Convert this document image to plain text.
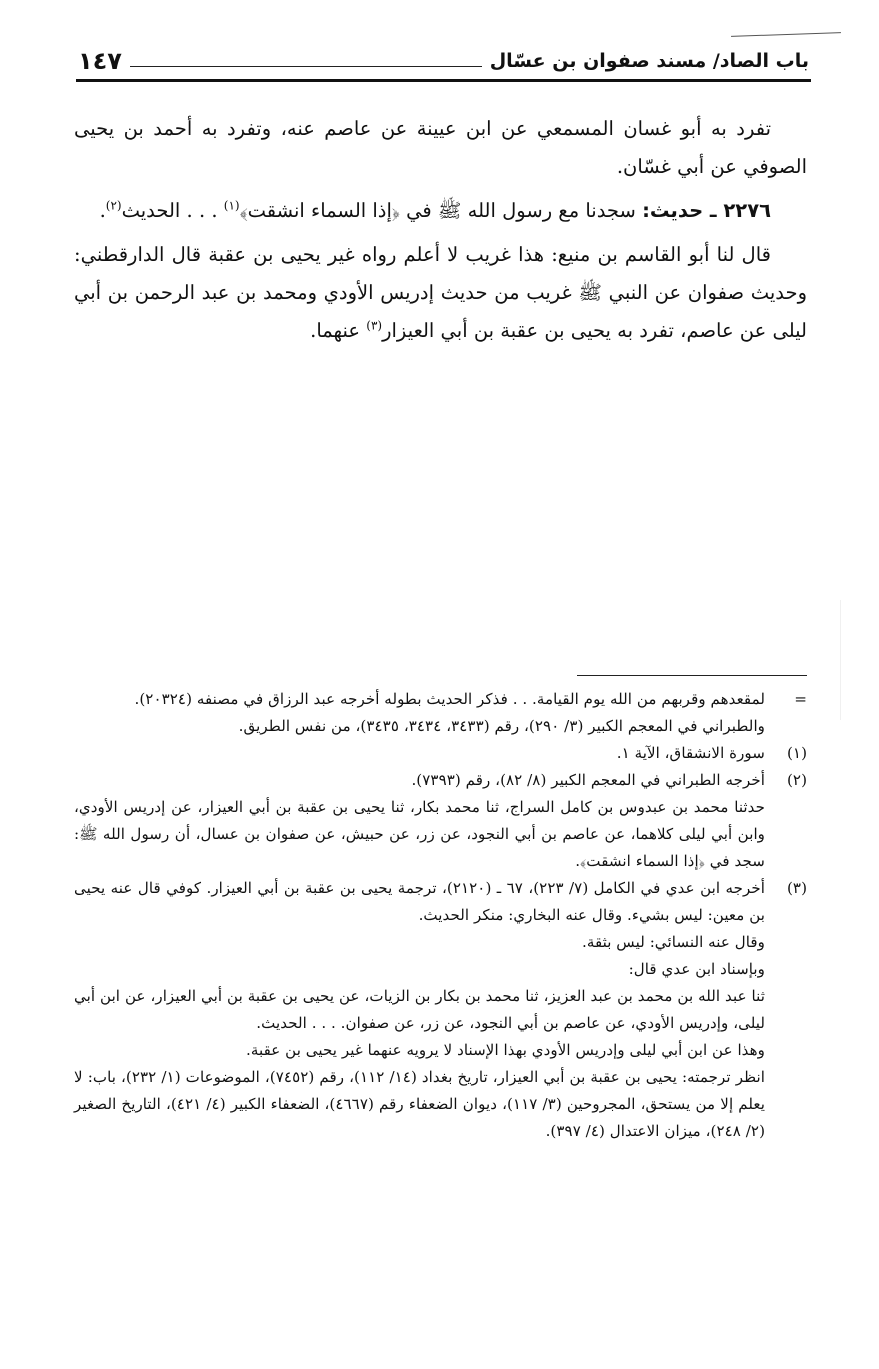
باب الصاد/ مسند صفوان بن عسّال
١٤٧

تفرد به أبو غسان المسمعي عن ابن عيينة عن عاصم عنه، وتفرد به أحمد بن يحيى الصوفي عن أبي غسّان.

٢٢٧٦ ـ حديث: سجدنا مع رسول الله ﷺ في ﴿إذا السماء انشقت﴾$^{(١)}$ . . . الحديث$^{(٢)}$.

قال لنا أبو القاسم بن منيع: هذا غريب لا أعلم رواه غير يحيى بن عقبة قال الدارقطني: وحديث صفوان عن النبي ﷺ غريب من حديث إدريس الأودي ومحمد بن عبد الرحمن بن أبي ليلى عن عاصم، تفرد به يحيى بن عقبة بن أبي العيزار$^{(٣)}$ عنهما.

=
لمقعدهم وقربهم من الله يوم القيامة. . . فذكر الحديث بطوله أخرجه عبد الرزاق في مصنفه (٢٠٣٢٤).
والطبراني في المعجم الكبير (٣/ ٢٩٠)، رقم (٣٤٣٣، ٣٤٣٤، ٣٤٣٥)، من نفس الطريق.
(١)
سورة الانشقاق، الآية ١.
(٢)
أخرجه الطبراني في المعجم الكبير (٨/ ٨٢)، رقم (٧٣٩٣).
حدثنا محمد بن عبدوس بن كامل السراج، ثنا محمد بكار، ثنا يحيى بن عقبة بن أبي العيزار، عن إدريس الأودي، وابن أبي ليلى كلاهما، عن عاصم بن أبي النجود، عن زر، عن حبيش، عن صفوان بن عسال، أن رسول الله ﷺ: سجد في ﴿إذا السماء انشقت﴾.
(٣)
أخرجه ابن عدي في الكامل (٧/ ٢٢٣)، ٦٧ ـ (٢١٢٠)، ترجمة يحيى بن عقبة بن أبي العيزار. كوفي قال عنه يحيى بن معين: ليس بشيء. وقال عنه البخاري: منكر الحديث.
وقال عنه النسائي: ليس بثقة.
وبإسناد ابن عدي قال:
ثنا عبد الله بن محمد بن عبد العزيز، ثنا محمد بن بكار بن الزيات، عن يحيى بن عقبة بن أبي العيزار، عن ابن أبي ليلى، وإدريس الأودي، عن عاصم بن أبي النجود، عن زر، عن صفوان. . . . الحديث.
وهذا عن ابن أبي ليلى وإدريس الأودي بهذا الإسناد لا يرويه عنهما غير يحيى بن عقبة.
انظر ترجمته: يحيى بن عقبة بن أبي العيزار، تاريخ بغداد (١٤/ ١١٢)، رقم (٧٤٥٢)، الموضوعات (١/ ٢٣٢)، باب: لا يعلم إلا من يستحق، المجروحين (٣/ ١١٧)، ديوان الضعفاء رقم (٤٦٦٧)، الضعفاء الكبير (٤/ ٤٢١)، التاريخ الصغير (٢/ ٢٤٨)، ميزان الاعتدال (٤/ ٣٩٧).
